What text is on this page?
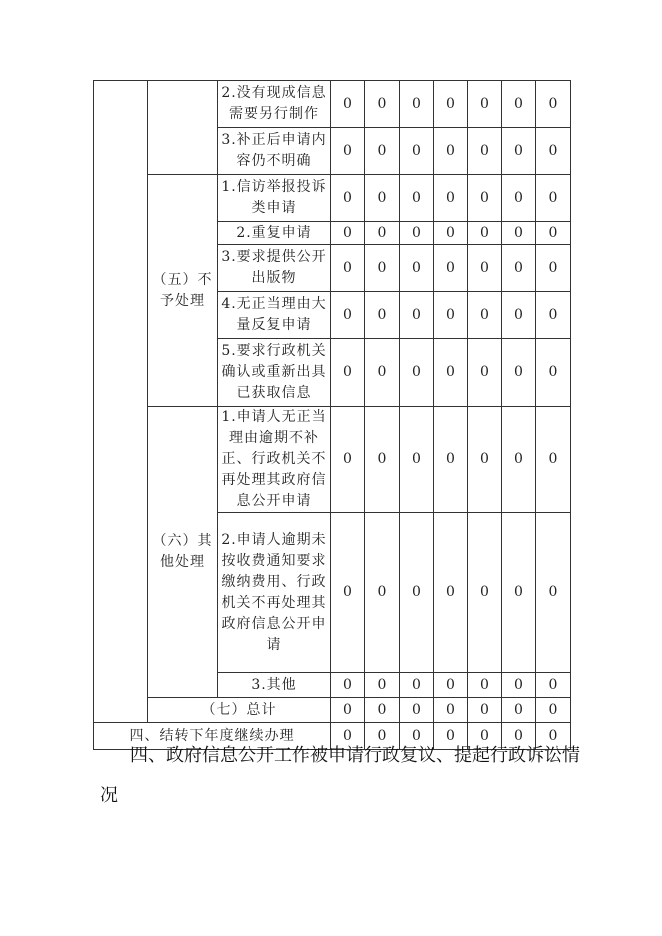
		2.没有现成信息需要另行制作	0	0	0	0	0	0	0
		3.补正后申请内容仍不明确	0	0	0	0	0	0	0
	（五）不予处理	1.信访举报投诉类申请	0	0	0	0	0	0	0
		2.重复申请	0	0	0	0	0	0	0
		3.要求提供公开出版物	0	0	0	0	0	0	0
		4.无正当理由大量反复申请	0	0	0	0	0	0	0
		5.要求行政机关确认或重新出具已获取信息	0	0	0	0	0	0	0
	（六）其他处理	1.申请人无正当理由逾期不补正、行政机关不再处理其政府信息公开申请	0	0	0	0	0	0	0
		2.申请人逾期未按收费通知要求缴纳费用、行政机关不再处理其政府信息公开申请	0	0	0	0	0	0	0
		3.其他	0	0	0	0	0	0	0
	（七）总计		0	0	0	0	0	0	0
四、结转下年度继续办理			0	0	0	0	0	0	0
四、政府信息公开工作被申请行政复议、提起行政诉讼情况
